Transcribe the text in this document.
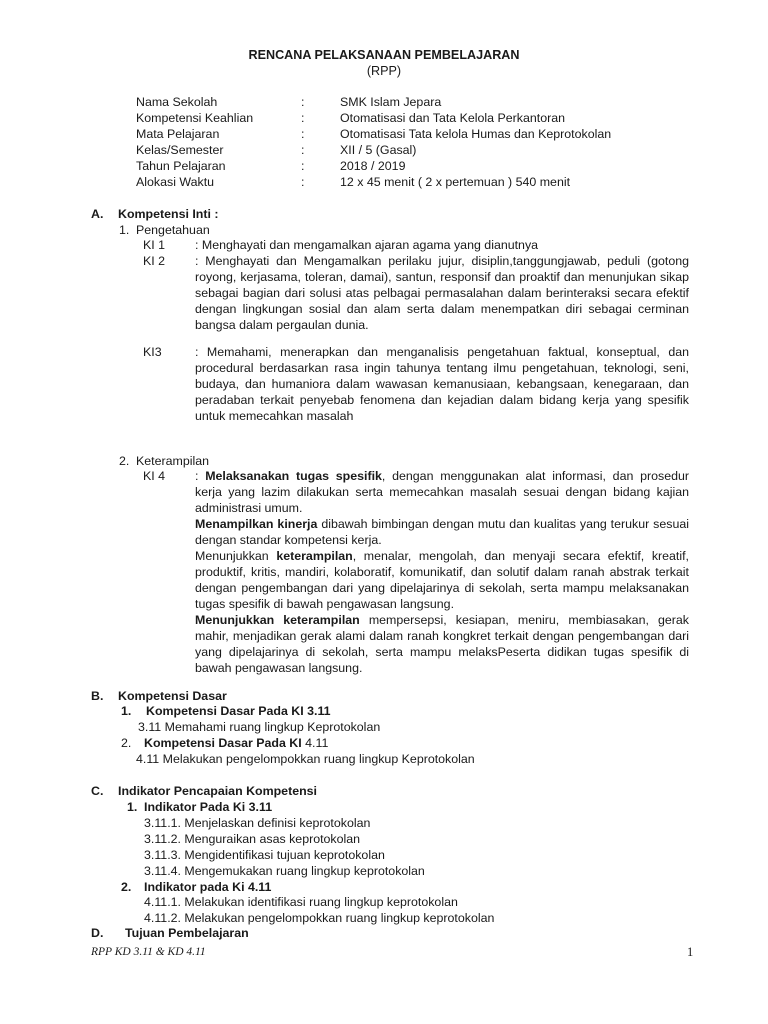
RENCANA PELAKSANAAN PEMBELAJARAN
(RPP)
Nama Sekolah	:	SMK Islam Jepara
Kompetensi Keahlian	:	Otomatisasi dan Tata Kelola Perkantoran
Mata Pelajaran	:	Otomatisasi Tata kelola Humas dan Keprotokolan
Kelas/Semester	:	XII / 5 (Gasal)
Tahun Pelajaran	:	2018 / 2019
Alokasi Waktu	:	12 x 45 menit ( 2 x pertemuan ) 540 menit
A. Kompetensi Inti :
1. Pengetahuan
KI 1 : Menghayati dan mengamalkan ajaran agama yang dianutnya

KI 2 : Menghayati dan Mengamalkan perilaku jujur, disiplin,tanggungjawab, peduli (gotong royong, kerjasama, toleran, damai), santun, responsif dan proaktif dan menunjukan sikap sebagai bagian dari solusi atas pelbagai permasalahan dalam berinteraksi secara efektif dengan lingkungan sosial dan alam serta dalam menempatkan diri sebagai cerminan bangsa dalam pergaulan dunia.

KI3	: Memahami, menerapkan dan menganalisis pengetahuan faktual, konseptual, dan procedural berdasarkan rasa ingin tahunya tentang ilmu pengetahuan, teknologi, seni, budaya, dan humaniora dalam wawasan kemanusiaan, kebangsaan, kenegaraan, dan peradaban terkait penyebab fenomena dan kejadian dalam bidang kerja yang spesifik untuk memecahkan masalah

2. Keterampilan
KI 4 : Melaksanakan tugas spesifik, dengan menggunakan alat informasi, dan prosedur kerja yang lazim dilakukan serta memecahkan masalah sesuai dengan bidang kajian administrasi umum.

Menampilkan kinerja dibawah bimbingan dengan mutu dan kualitas yang terukur sesuai dengan standar kompetensi kerja.

Menunjukkan keterampilan, menalar, mengolah, dan menyaji secara efektif, kreatif, produktif, kritis, mandiri, kolaboratif, komunikatif, dan solutif dalam ranah abstrak terkait dengan pengembangan dari yang dipelajarinya di sekolah, serta mampu melaksanakan tugas spesifik di bawah pengawasan langsung.

Menunjukkan keterampilan mempersepsi, kesiapan, meniru, membiasakan, gerak mahir, menjadikan gerak alami dalam ranah kongkret terkait dengan pengembangan dari yang dipelajarinya di sekolah, serta mampu melaksPeserta didikan tugas spesifik di bawah pengawasan langsung.

B. Kompetensi Dasar
1. Kompetensi Dasar Pada KI 3.11
3.11 Memahami ruang lingkup Keprotokolan
2. Kompetensi Dasar Pada KI 4.11
4.11 Melakukan pengelompokkan ruang lingkup Keprotokolan
C. Indikator Pencapaian Kompetensi
1. Indikator Pada Ki 3.11
3.11.1. Menjelaskan definisi keprotokolan
3.11.2. Menguraikan asas keprotokolan
3.11.3. Mengidentifikasi tujuan keprotokolan
3.11.4. Mengemukakan ruang lingkup keprotokolan
2. Indikator pada Ki 4.11
4.11.1. Melakukan identifikasi ruang lingkup keprotokolan
4.11.2. Melakukan pengelompokkan ruang lingkup keprotokolan
D. Tujuan Pembelajaran
RPP KD 3.11 & KD 4.11	1
